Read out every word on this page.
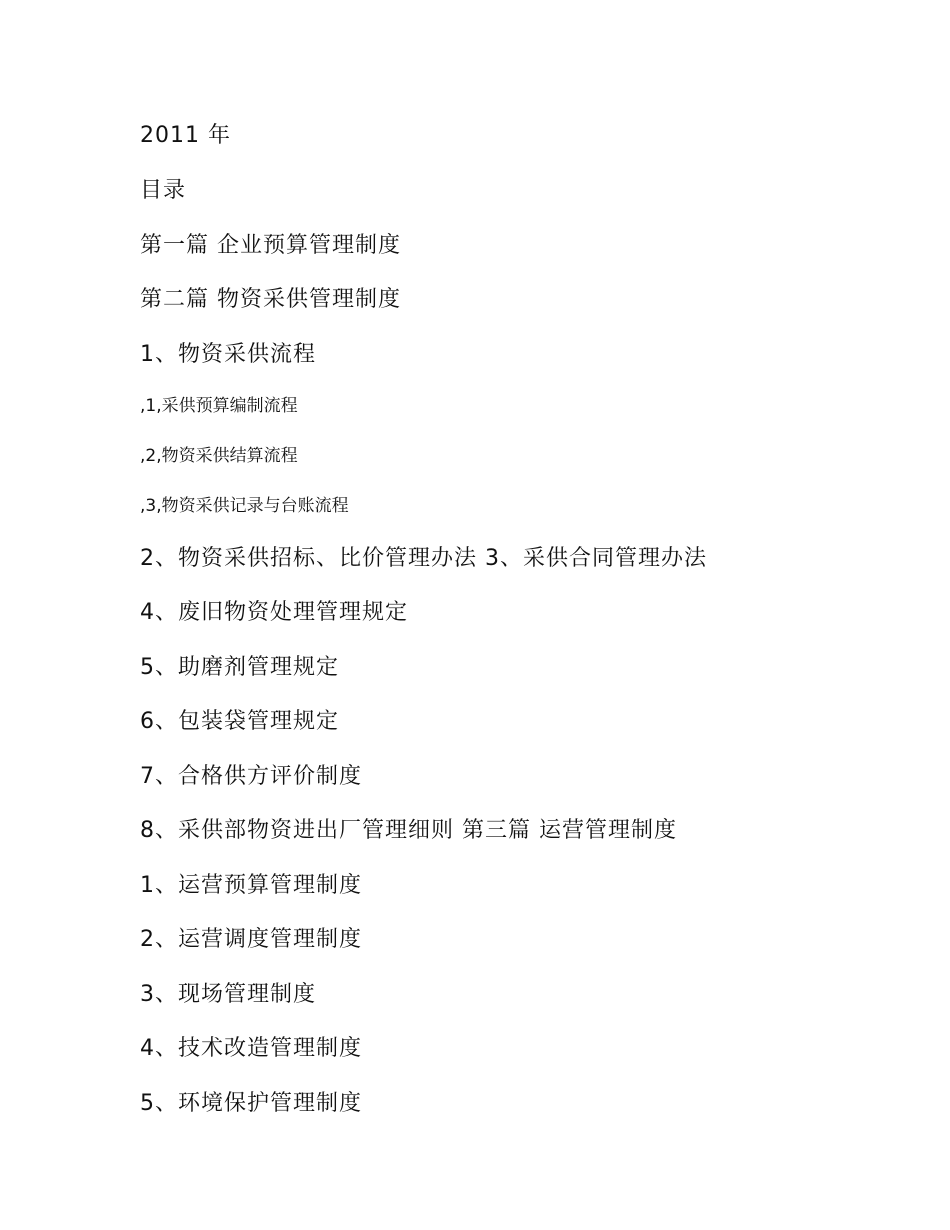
2011 年
目录
第一篇 企业预算管理制度
第二篇 物资采供管理制度
1、物资采供流程
,1,采供预算编制流程
,2,物资采供结算流程
,3,物资采供记录与台账流程
2、物资采供招标、比价管理办法 3、采供合同管理办法
4、废旧物资处理管理规定
5、助磨剂管理规定
6、包装袋管理规定
7、合格供方评价制度
8、采供部物资进出厂管理细则 第三篇 运营管理制度
1、运营预算管理制度
2、运营调度管理制度
3、现场管理制度
4、技术改造管理制度
5、环境保护管理制度
